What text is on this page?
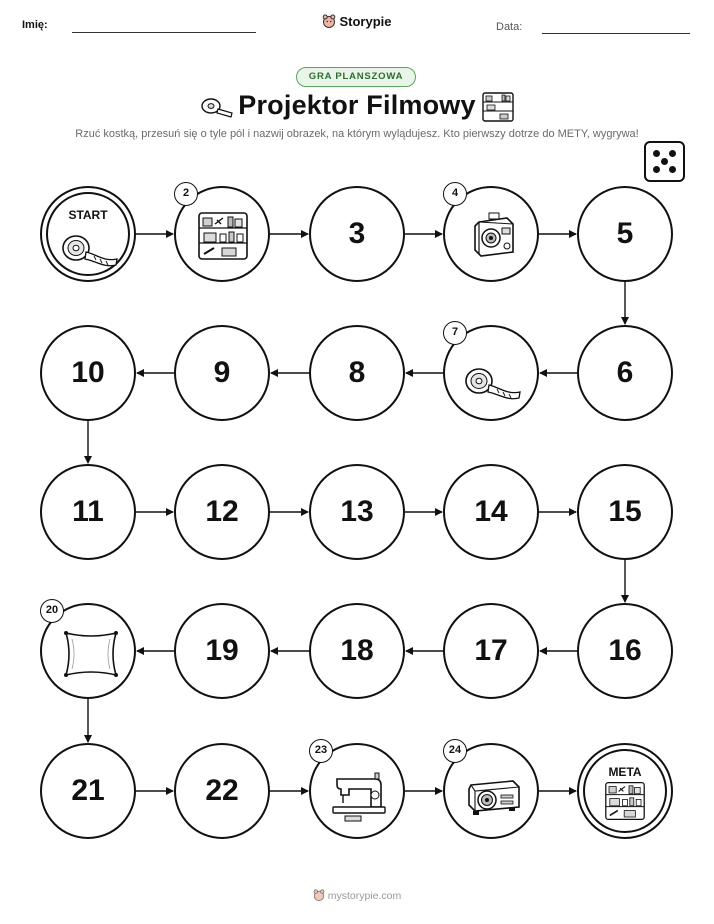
Imię:	Storypie	Data:
GRA PLANSZOWA
Projektor Filmowy
Rzuć kostką, przesuń się o tyle pól i nazwij obrazek, na którym wylądujesz. Kto pierwszy dotrze do METY, wygrywa!
START
2
3
4
5
6
7
8
9
10
11	12	13	14	15
16
17
18
19
20
21	22
23	24
META
mystorypie.com
